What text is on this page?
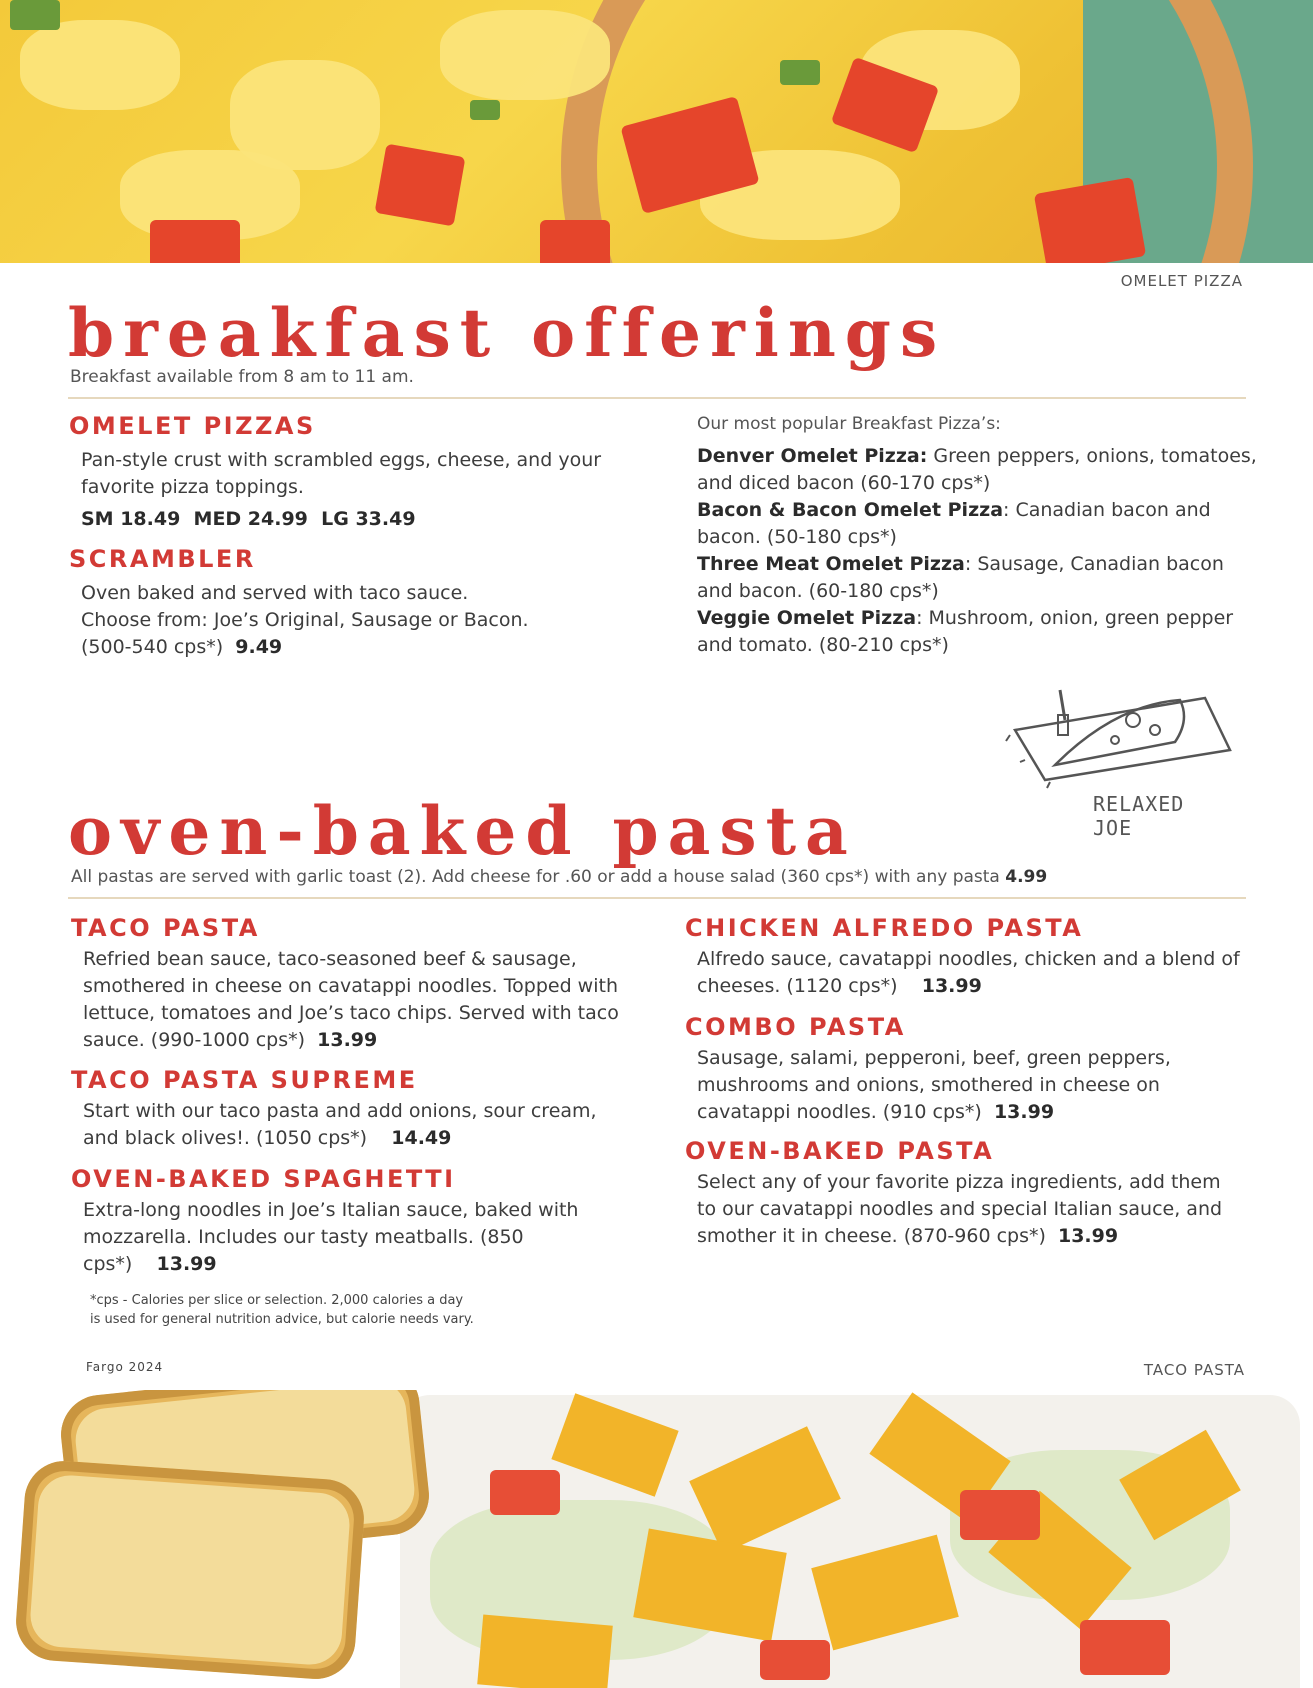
OMELET PIZZA
breakfast offerings
Breakfast available from 8 am to 11 am.
OMELET PIZZAS
Pan-style crust with scrambled eggs, cheese, and your favorite pizza toppings.
SM 18.49  MED 24.99  LG 33.49
SCRAMBLER
Oven baked and served with taco sauce.
Choose from: Joe’s Original, Sausage or Bacon.
(500-540 cps*) 9.49
Our most popular Breakfast Pizza’s:
Denver Omelet Pizza: Green peppers, onions, tomatoes, and diced bacon (60-170 cps*)
Bacon & Bacon Omelet Pizza: Canadian bacon and bacon. (50-180 cps*)
Three Meat Omelet Pizza: Sausage, Canadian bacon and bacon. (60-180 cps*)
Veggie Omelet Pizza: Mushroom, onion, green pepper and tomato. (80-210 cps*)
RELAXED JOE
oven-baked pasta
All pastas are served with garlic toast (2). Add cheese for .60 or add a house salad (360 cps*) with any pasta 4.99
TACO PASTA
Refried bean sauce, taco-seasoned beef & sausage, smothered in cheese on cavatappi noodles. Topped with lettuce, tomatoes and Joe’s taco chips. Served with taco sauce. (990-1000 cps*) 13.99
TACO PASTA SUPREME
Start with our taco pasta and add onions, sour cream, and black olives!. (1050 cps*) 14.49
OVEN-BAKED SPAGHETTI
Extra-long noodles in Joe’s Italian sauce, baked with mozzarella. Includes our tasty meatballs. (850 cps*) 13.99
CHICKEN ALFREDO PASTA
Alfredo sauce, cavatappi noodles, chicken and a blend of cheeses. (1120 cps*) 13.99
COMBO PASTA
Sausage, salami, pepperoni, beef, green peppers, mushrooms and onions, smothered in cheese on cavatappi noodles. (910 cps*) 13.99
OVEN-BAKED PASTA
Select any of your favorite pizza ingredients, add them to our cavatappi noodles and special Italian sauce, and smother it in cheese. (870-960 cps*) 13.99
*cps - Calories per slice or selection. 2,000 calories a day
is used for general nutrition advice, but calorie needs vary.
Fargo 2024	TACO PASTA
